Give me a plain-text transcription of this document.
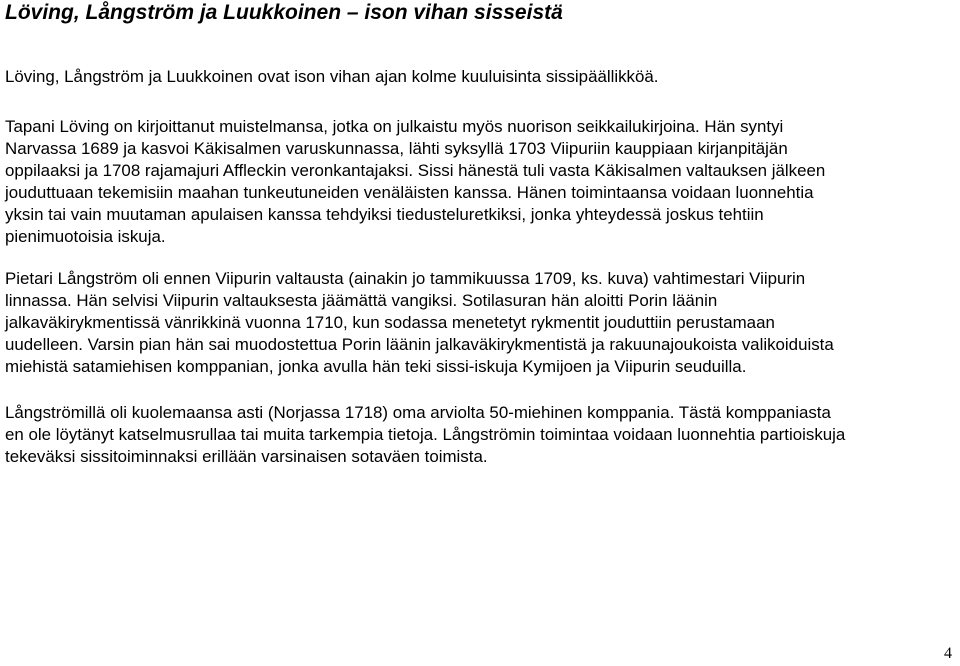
Löving, Långström ja Luukkoinen – ison vihan sisseistä

Löving, Långström ja Luukkoinen ovat ison vihan ajan kolme kuuluisinta sissipäällikköä.

Tapani Löving on kirjoittanut muistelmansa, jotka on julkaistu myös nuorison seikkailukirjoina. Hän syntyi
Narvassa 1689 ja kasvoi Käkisalmen varuskunnassa, lähti syksyllä 1703 Viipuriin kauppiaan kirjanpitäjän
oppilaaksi ja 1708 rajamajuri Affleckin veronkantajaksi. Sissi hänestä tuli vasta Käkisalmen valtauksen jälkeen
jouduttuaan tekemisiin maahan tunkeutuneiden venäläisten kanssa. Hänen toimintaansa voidaan luonnehtia
yksin tai vain muutaman apulaisen kanssa tehdyiksi tiedusteluretkiksi, jonka yhteydessä joskus tehtiin
pienimuotoisia iskuja.

Pietari Långström oli ennen Viipurin valtausta (ainakin jo tammikuussa 1709, ks. kuva) vahtimestari Viipurin
linnassa. Hän selvisi Viipurin valtauksesta jäämättä vangiksi. Sotilasuran hän aloitti Porin läänin
jalkaväkirykmentissä vänrikkinä vuonna 1710, kun sodassa menetetyt rykmentit jouduttiin perustamaan
uudelleen. Varsin pian hän sai muodostettua Porin läänin jalkaväkirykmentistä ja rakuunajoukoista valikoiduista
miehistä satamiehisen komppanian, jonka avulla hän teki sissi-iskuja Kymijoen ja Viipurin seuduilla.

Långströmillä oli kuolemaansa asti (Norjassa 1718) oma arviolta 50-miehinen komppania. Tästä komppaniasta
en ole löytänyt katselmusrullaa tai muita tarkempia tietoja. Långströmin toimintaa voidaan luonnehtia partioiskuja
tekeväksi sissitoiminnaksi erillään varsinaisen sotaväen toimista.

4
